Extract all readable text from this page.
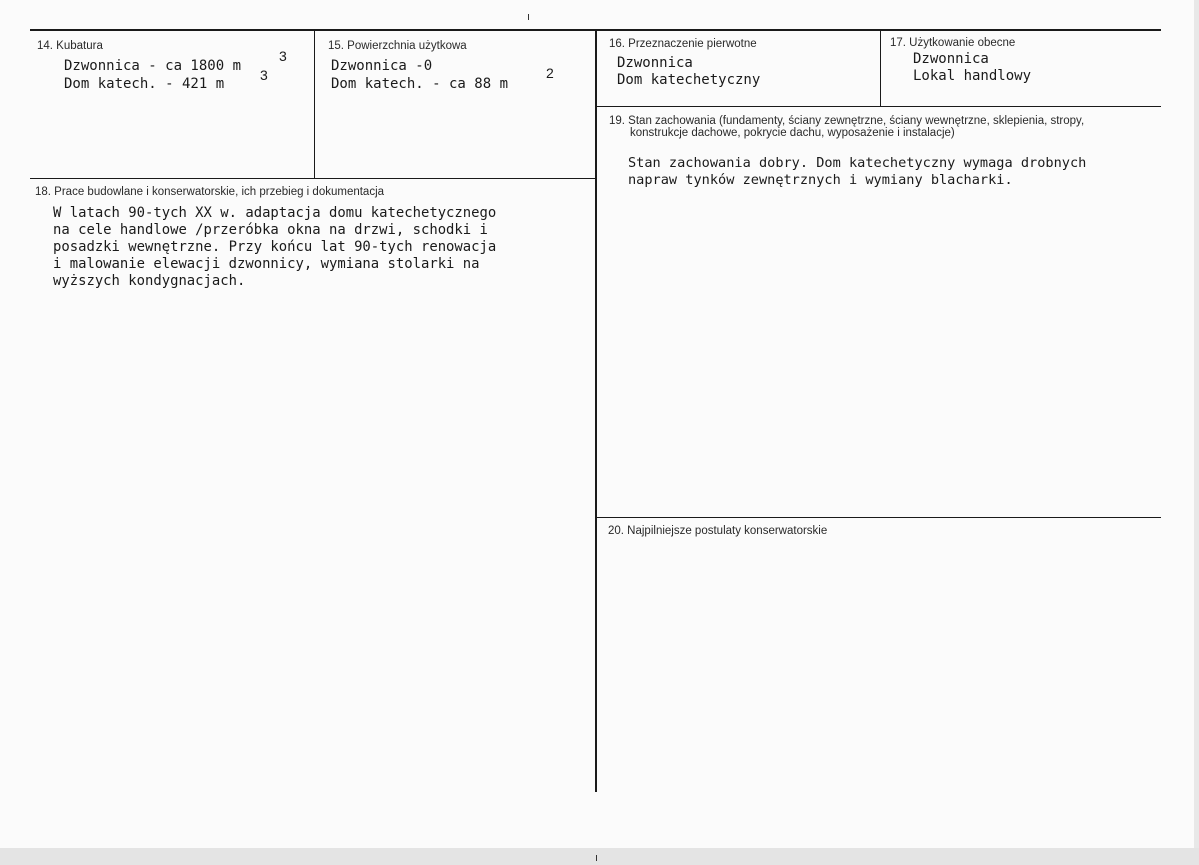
14. Kubatura
Dzwonnica - ca 1800 m
3
Dom katech. - 421 m
3
15. Powierzchnia użytkowa
Dzwonnica -0
Dom katech. - ca 88 m
2
16. Przeznaczenie pierwotne
Dzwonnica
Dom katechetyczny
17. Użytkowanie obecne
Dzwonnica
Lokal handlowy
18. Prace budowlane i konserwatorskie, ich przebieg i dokumentacja
W latach 90-tych XX w. adaptacja domu katechetycznego
na cele handlowe /przeróbka okna na drzwi, schodki i
posadzki wewnętrzne. Przy końcu lat 90-tych renowacja
i malowanie elewacji dzwonnicy, wymiana stolarki na
wyższych kondygnacjach.
19. Stan zachowania (fundamenty, ściany zewnętrzne, ściany wewnętrzne, sklepienia, stropy,
konstrukcje dachowe, pokrycie dachu, wyposażenie i instalacje)
Stan zachowania dobry. Dom katechetyczny wymaga drobnych
napraw tynków zewnętrznych i wymiany blacharki.
20. Najpilniejsze postulaty konserwatorskie
